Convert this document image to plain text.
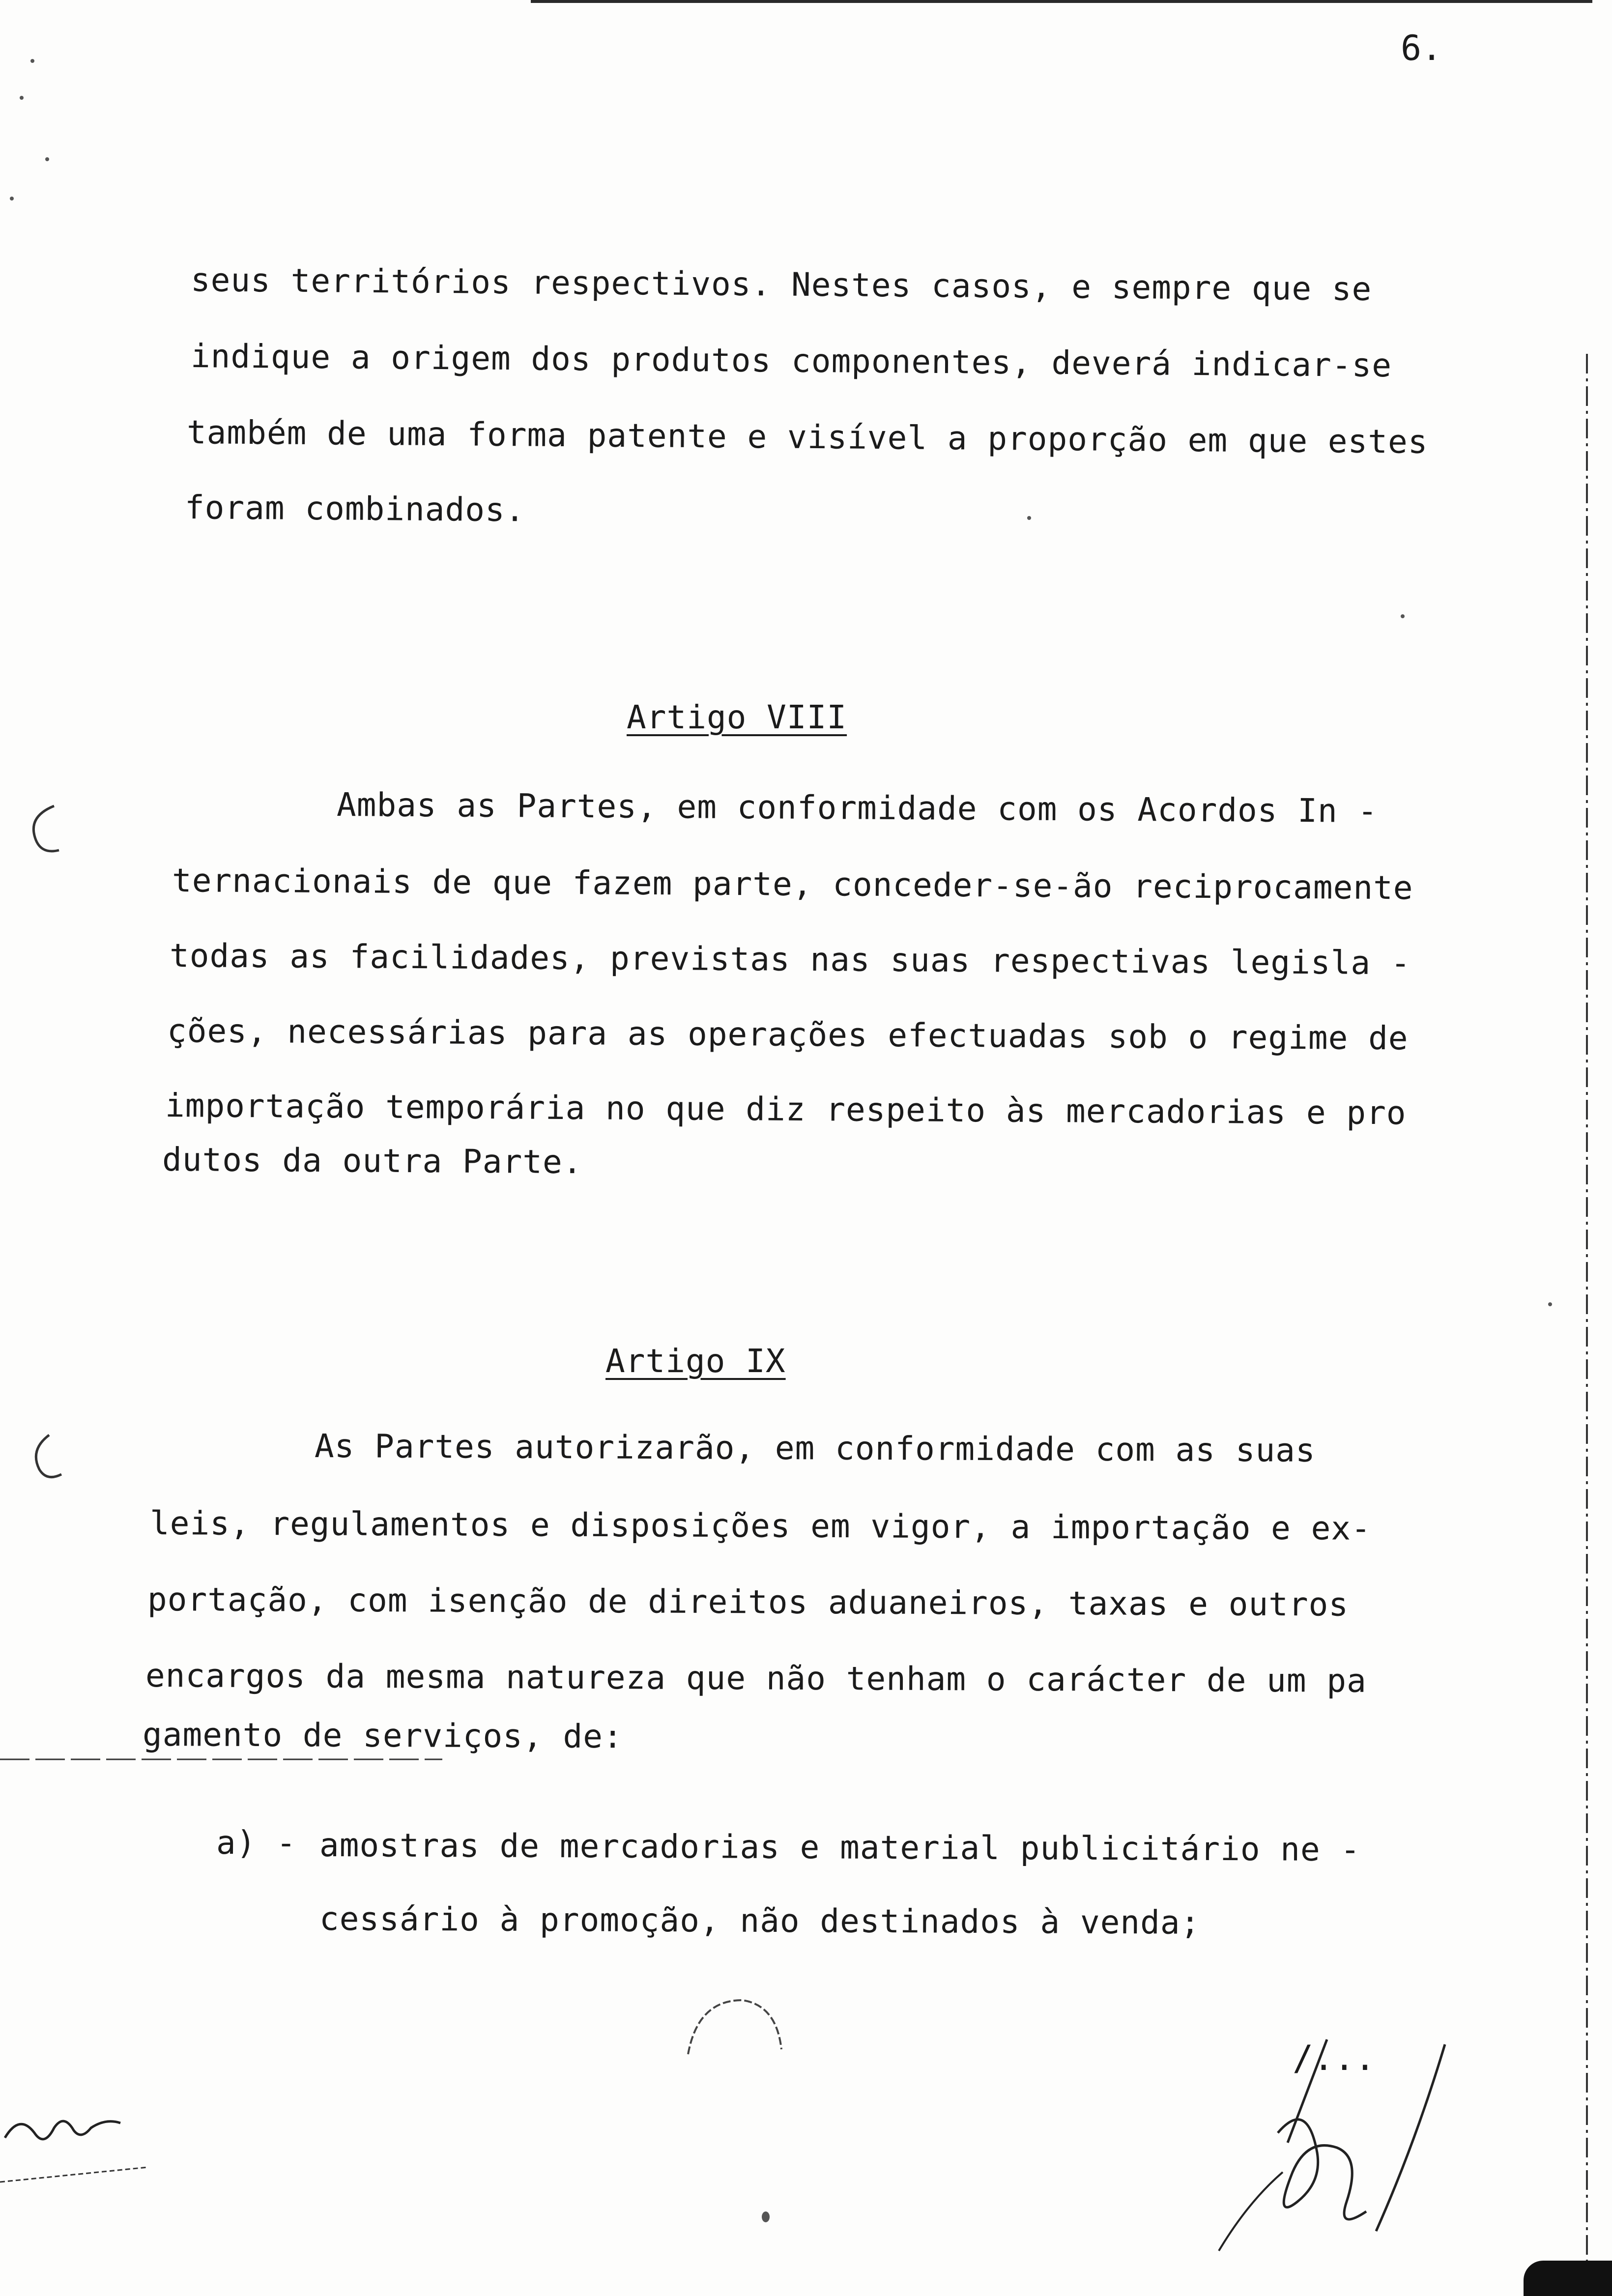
6.

seus territórios respectivos. Nestes casos, e sempre que se

indique a origem dos produtos componentes, deverá indicar-se

também de uma forma patente e visível a proporção em que estes

foram combinados.

Artigo VIII

Ambas as Partes, em conformidade com os Acordos In -

ternacionais de que fazem parte, conceder-se-ão reciprocamente

todas as facilidades, previstas nas suas respectivas legisla -

ções, necessárias para as operações efectuadas sob o regime de

importação temporária no que diz respeito às mercadorias e pro

dutos da outra Parte.

Artigo IX

As Partes autorizarão, em conformidade com as suas

leis, regulamentos e disposições em vigor, a importação e ex-

portação, com isenção de direitos aduaneiros, taxas e outros

encargos da mesma natureza que não tenham o carácter de um pa

gamento de serviços, de:

a) - amostras de mercadorias e material publicitário ne -

cessário à promoção, não destinados à venda;

/...
